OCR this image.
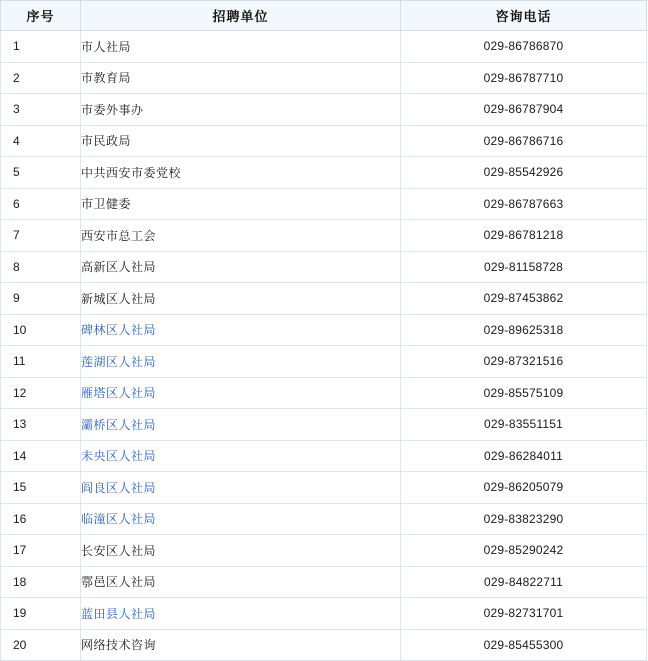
序号	招聘单位	咨询电话

1	市人社局	029-86786870

2	市教育局	029-86787710

3	市委外事办	029-86787904

4	市民政局	029-86786716

5	中共西安市委党校	029-85542926

6	市卫健委	029-86787663

7	西安市总工会	029-86781218

8	高新区人社局	029-81158728

9	新城区人社局	029-87453862

10	碑林区人社局	029-89625318

11	莲湖区人社局	029-87321516

12	雁塔区人社局	029-85575109

13	灞桥区人社局	029-83551151

14	未央区人社局	029-86284011

15	阎良区人社局	029-86205079

16	临潼区人社局	029-83823290

17	长安区人社局	029-85290242

18	鄠邑区人社局	029-84822711

19	蓝田县人社局	029-82731701

20	网络技术咨询	029-85455300
